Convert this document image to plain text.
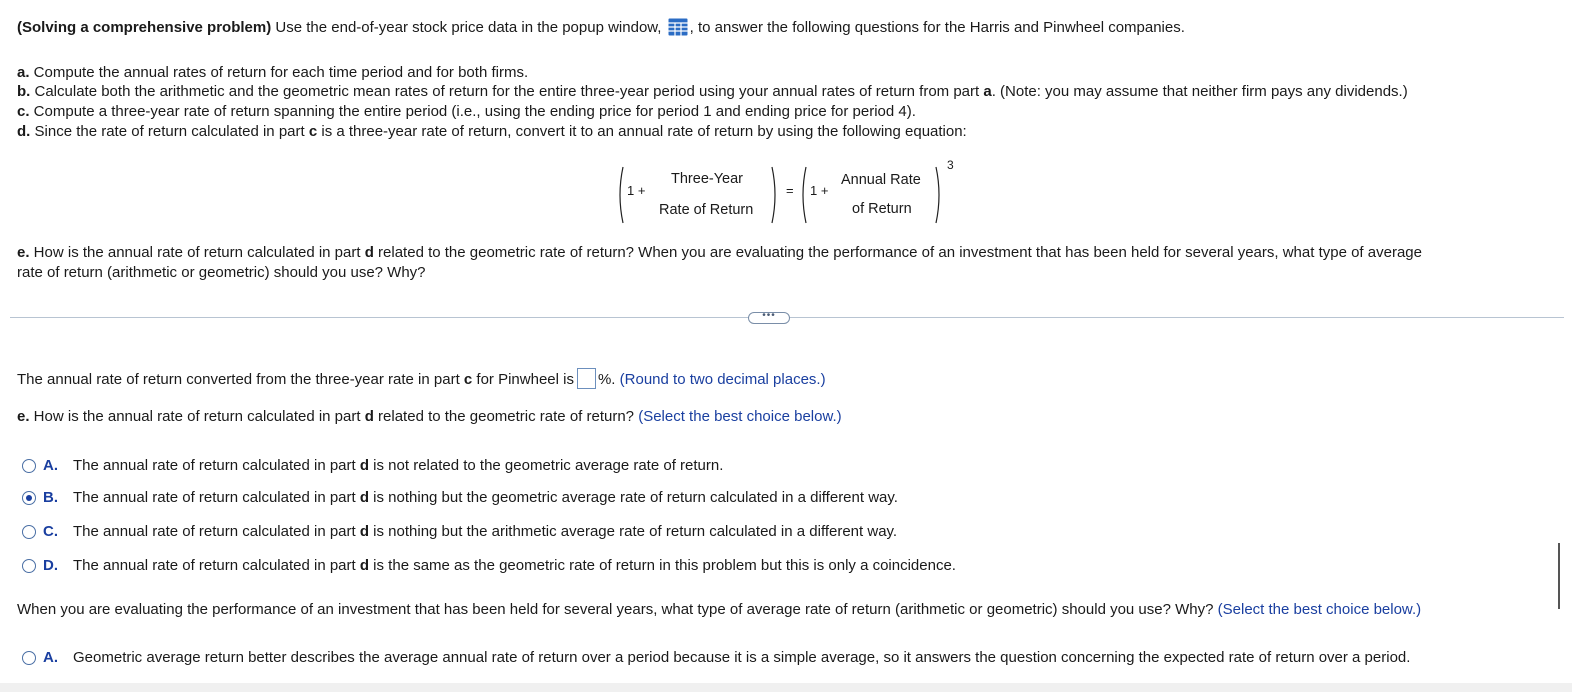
(Solving a comprehensive problem) Use the end-of-year stock price data in the popup window, , to answer the following questions for the Harris and Pinwheel companies.
a. Compute the annual rates of return for each time period and for both firms.
b. Calculate both the arithmetic and the geometric mean rates of return for the entire three-year period using your annual rates of return from part a. (Note: you may assume that neither firm pays any dividends.)
c. Compute a three-year rate of return spanning the entire period (i.e., using the ending price for period 1 and ending price for period 4).
d. Since the rate of return calculated in part c is a three-year rate of return, convert it to an annual rate of return by using the following equation:
1 +
Three-Year
Rate of Return
= 1 +
Annual Rate
of Return
3
e. How is the annual rate of return calculated in part d related to the geometric rate of return? When you are evaluating the performance of an investment that has been held for several years, what type of average
rate of return (arithmetic or geometric) should you use? Why?
•••
The annual rate of return converted from the three-year rate in part c for Pinwheel is %. (Round to two decimal places.)
e. How is the annual rate of return calculated in part d related to the geometric rate of return? (Select the best choice below.)
A. The annual rate of return calculated in part d is not related to the geometric average rate of return.
B. The annual rate of return calculated in part d is nothing but the geometric average rate of return calculated in a different way.
C. The annual rate of return calculated in part d is nothing but the arithmetic average rate of return calculated in a different way.
D. The annual rate of return calculated in part d is the same as the geometric rate of return in this problem but this is only a coincidence.
When you are evaluating the performance of an investment that has been held for several years, what type of average rate of return (arithmetic or geometric) should you use? Why? (Select the best choice below.)
A. Geometric average return better describes the average annual rate of return over a period because it is a simple average, so it answers the question concerning the expected rate of return over a period.
